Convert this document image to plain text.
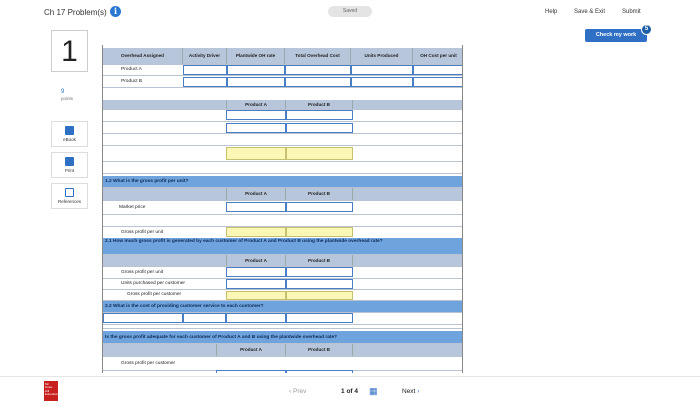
Ch 17 Problem(s) i	Saved	Help	Save & Exit	Submit
Check my work
5
1
9
points
eBook
Print
References
Overhead Assigned	Activity Driver	Plantwide OH rate	Total Overhead Cost	Units Produced	OH Cost per unit
Product A
Product B
Product A	Product B
1.2 What is the gross profit per unit?
Product A	Product B
Market price
Gross profit per unit
2.1 How much gross profit is generated by each customer of Product A and Product B using the plantwide overhead rate?
Product A	Product B
Gross profit per unit
Units purchased per customer
Gross profit per customer
2.2 What is the cost of providing customer service to each customer?
Is the gross profit adequate for each customer of Product A and B using the plantwide overhead rate?
Product A	Product B
Gross profit per customer
Mc
Graw
Hill
Education	‹ Prev	1 of 4 ▦	Next ›
